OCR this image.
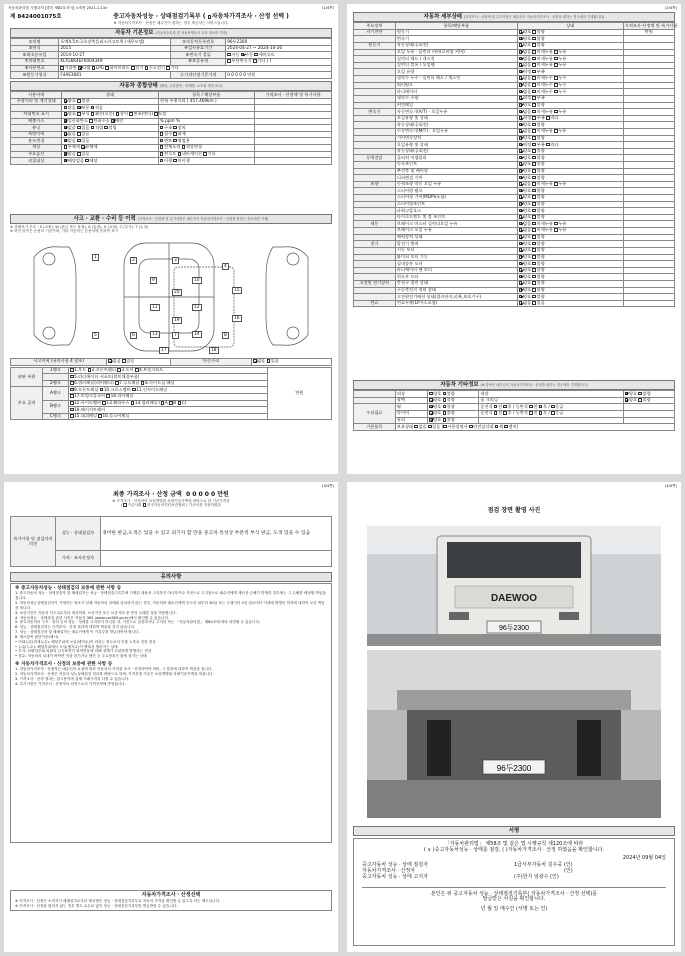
자동차관리법 시행규칙 [별지 제82호서식] <개정 2021.1.13>	(1/4쪽)
제 8424001075호	중고자동차성능 · 상태점검기록부 ( 자동차가격조사 · 산정 선택 )
※ 자동차가격조사 · 산정은 매수인이 원하는 경우 제공하는 서비스입니다.
자동차 기본정보 (자동차등록증 및 자동차제조사 등의 정보를 기재)
①차명	포맥4.5트극초장축플러스카고트럭 (세무모델)	②자동차등록번호	96두2300
③연식	2015	④검사유효기간	2024-04-27 ~ 2024-10-26
⑤최초등록일	2014-10-27	⑥변속기 종류	자동 수동 세미오토
⑦차대번호	KLTG6K4EFK004349	⑧보증유형	무단변속기 기타 ( )
⑨사용연료	가솔린 디젤 LPG 하이브리드 전기 수소전기 기타		
⑩원동기형식	F4AE3681	⑪가격산정기준가격	0 0 0 0 0 만원
자동차 종합상태 (해당, 무상품목 · 비해당, 소모품 정비 표시)
사용이력	상태	항목 / 해당부품	가격조사 · 산정액 및 특기사항
주행거리 및 계기상태	양호 불량	현재 주행거리 [ 457,469km ]	
	많음 보통 적음		
차대번호 표기	양호 부식 훼손(오손) 상이 변조(변타) 도말		
배출가스	일산화탄소 탄화수소 매연	% ppm %	
튜닝	없음 있음 적법 불법	구조 장치	
특별이력	없음 있음	침수 화재	
용도변경	없음 있음	렌트 영업용	
색상	무채색 유채색	전체도색 색상변경	
주요옵션	없음 있음	썬루프 네비게이션 기타	
리콜대상	해당없음 해당	이행 미이행	
사고 · 교환 · 수리 등 이력 (가격조사 · 산정액 및 특기사항은 매수인이 자동차가격조사 · 산정을 원하는 경우에만 기재)
※ 상태표시 부호 : X (교환), W (판금 또는 용접), A (흠집), U (요철), C (부식), T (손상)
※ 하단 항목은 승용차 기준이며, 기타 자동차는 승용차에 준하여 표시
1
2	3
4
5	6	7	8
9	10
11	12
13	14
15
16
17	18
19
20
사고이력 (유의사항 4 참조)	없음 있음	단순수리	없음 있음
외판 부위	1랭크	1.후드 2.프론트휀더 3.도어 4.트렁크리드	만원
		5.라디에이터 서포트(볼트체결부품)	
	2랭크	6.쿼터패널(리어휀더) 7.루프패널 8.사이드실 패널	
주요 골격	A랭크	9.프론트패널 10.크로스멤버 11.인사이드패널	
		17.트렁크플로어 18.리어패널	
	B랭크	12.사이드멤버 13.휠하우스 14.필러패널 ( A B C)	
		19.패키지트레이	
	C랭크	15.대쉬패널 16.플로어패널	
(2/4쪽)
자동차 세부상태 (가격조사 · 산정액 및 특기사항은 매수인이 자동차가격조사 · 산정을 원하는 경우에만 기재합니다)
주요장치	항목/해당부품	상태	가격조사·산정액 및 특기사항
자기진단	원동기	양호 불량	만원
	변속기	양호 불량	
원동기	작동상태(공회전)	양호 불량	
	오일 누유 · 실린더 커버(로커암 커버)	없음 미세누유 누유	
	실린더 헤드 / 개스킷	없음 미세누유 누유	
	실린더 블록 / 오일팬	없음 미세누유 누유	
	오일 유량	적정 부족	
	냉각수 누수 · 실린더 헤드 / 개스킷	없음 미세누수 누수	
	워터펌프	없음 미세누수 누수	
	라디에이터	없음 미세누수 누수	
	냉각수 수량	적정 부족	
	커먼레일	양호 불량	
변속기	자동변속기(A/T) · 오일누유	없음 미세누유 누유	
	오일유량 및 상태	적정 부족 과다	
	작동상태(공회전)	양호 불량	
	수동변속기(M/T) · 오일누유	없음 미세누유 누유	
	기어변속장치	양호 불량	
	오일유량 및 상태	적정 부족 과다	
	작동상태(공회전)	양호 불량	
동력전달	클러치 어셈블리	양호 불량	
	등속조인트	양호 불량	
	추진축 및 베어링	양호 불량	
	디퍼렌셜 기어	양호 불량	
조향	동력조향 작동 오일 누유	없음 미세누유 누유	
	스티어링 펌프	양호 불량	
	스티어링 기어(MDPS포함)	양호 불량	
	스티어링조인트	양호 불량	
	파워고압호스	양호 불량	
	타이로드엔드 및 볼 조인트	양호 불량	
제동	브레이크 마스터 실린더오일 누유	없음 미세누유 누유	
	브레이크 오일 누유	없음 미세누유 누유	
	배력장치 상태	양호 불량	
전기	발전기 출력	양호 불량	
	시동 모터	양호 불량	
	와이퍼 모터 기능	양호 불량	
	실내송풍 모터	양호 불량	
	라디에이터 팬 모터	양호 불량	
	윈도우 모터	양호 불량	
고전원 전기장치	충전구 절연 상태	양호 불량	
	구동축전지 격리 상태	양호 불량	
	고전원전기배선 상태(접속단자,피복,보호기구)	양호 불량	
연료	연료누출(LP가스포함)	없음 있음	
자동차 기타정보 (※ 항목은 매수인이 자동차가격조사 · 산정을 원하는 경우에만 기재합니다)
	외장	양호 불량	내장	양호 불량
	광택	양호 불량	룸 크리닝	양호 불량
수리필요	휠	양호 불량	운전석 전 후 / 동반석 전 후 / 응급	
	타이어	양호 불량	운전석 전 후 / 동반석 전 후 / 응급	
	유리	양호 불량		
기본품목	보유상태 없음 있음 ( 사용설명서 안전삼각대 잭 렌치)			
(3/4쪽)
최종 가격조사 · 산정 금액 0 0 0 0 0 만원
※ 가격조사 · 산정자의 보험개발원 차량기준가액을 바탕으로 한 기준가격과
( 기술사회 한국자동차진단보증협회 ) 기준서를 적용하였음
특기사항 및 점검자의 의견	성능 · 상태점검자	경미한 판금,도색은 있을 수 있고 외기자 할 만을 중고차 특성상 부분적 부식 판금, 도색 있을 수 있음
	가격 · 조사산정자	
유의사항
※ 중고자동차성능 · 상태점검의 보증에 관한 사항 등
1. 중고자동차 성능 · 상태점검자 및 매매업자는 성능 · 상태점검기록부에 기재된 내용을 고지하지 아니하거나 거짓으로 고지함으로 매수인에게 재산상 손해가 발생한 경우에는 그 손해를 배상할 책임을 집니다.
2. 자동차성능상태점검자가 기재하는 정보가 실제 자동차의 상태와 일치하지 않는 경우, 자동차를 매수인에게 인도한 날부터 30일 또는 주행거리 2천 킬로미터 이내에 발생한 하자에 대하여 보증 책임을 집니다.
3. 보증기간은 자동차 인도일로부터 계산하며, 보증기간 또는 보증거리 중 먼저 도래한 것을 적용합니다.
4. 자동차성능 · 상태점검 관련 사항은 자동차 365 (www.car365.go.kr)에서 확인할 수 있습니다.
5. 중고자동차의 구조 · 장치 등의 성능 · 상태를 고지하지 아니한 자, 거짓으로 점검하거나 고지한 자는 「자동차관리법」 제80조에 따라 처벌될 수 있습니다.
6. 성능 · 상태점검자는 가격조사 · 산정 결과에 대하여 책임을 지지 않습니다.
7. 성능 · 상태점검자 및 매매업자는 매수인에게 이 기록부를 발급하여야 합니다.
8. 체크항목 판단기준(예시)
• 미세누유(미세누수): 해당부위에 오일(냉각수)이 비치는 정도로서 부품 노후로 인한 현상
• 누유(누수): 해당부위에서 오일(냉각수)이 맺혀서 떨어지는 상태
• 부식: 차량하부와 외판의 금속표면이 화학반응에 의해 경계가 뚜렷하게 발생하는 현상
• 침수: 자동차의 실내가 바닥면 이상 잠기거나 엔진 등 주요장치가 물에 잠기는 상태
※ 자동차가격조사 · 산정의 보증에 관한 사항 등
1. 자동차가격조사 · 산정자는 매수인의 요청에 따라 자동차의 가격을 조사 · 산정하여야 하며, 그 결과에 대하여 책임을 집니다.
2. 자동차가격조사 · 산정은 자동차 성능상태점검 결과를 바탕으로 하며, 가격산정 기준은 보험개발원 차량기준가액을 따릅니다.
3. 가격조사 · 산정 결과는 참고용이며 실제 거래가격과 다를 수 있습니다.
4. 특기사항은 가격조사 · 산정자의 의견으로서 가격산정에 반영됩니다.
자동차가격조사 · 산정선택
※ 가격조사 · 산정은 소비자가 매매업자로부터 제공받은 성능 · 상태점검기록부로 자동차 가격을 확인할 수 있도록 하는 제도입니다.
※ 가격조사 · 산정을 원하지 않는 경우 별도 수수료 없이 성능 · 상태점검기록부만 발급받을 수 있습니다.
(4/4쪽)
점검 장면 촬영 사진
DAEWOO
96두2300
96두2300
서명
「자동차관리법」 제58조 및 같은 법 시행규칙 제120조에 따라
( ∨ )중고자동차성능 · 상태를 점검, ( )자동차가격조사 · 산정 하였음을 확인합니다.
2024년 09월 04일
중고자동차 성능 · 상태 점검자	1급서부자동차 김우중 (인)
자동차가격조사 · 산정자	(인)
중고자동차 성능 · 상태 고지자	(주)한지 임광수 (인)
본인은 위 중고자동차 성능 · 상태점검기록부( 자동차가격조사 · 산정 선택)를
발급받은 사실을 확인합니다.
년 월 일 매수인 (서명 또는 인)
